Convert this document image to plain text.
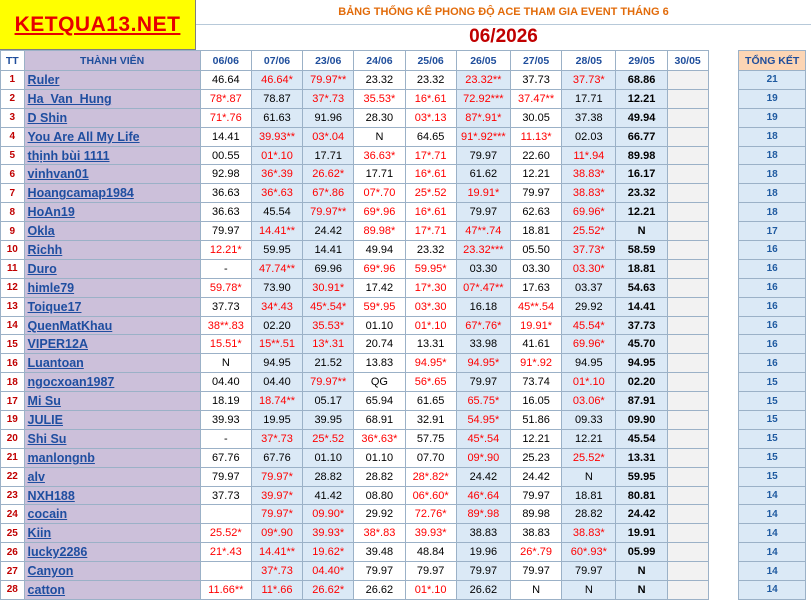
KETQUA13.NET
BẢNG THỐNG KÊ PHONG ĐỘ ACE THAM GIA EVENT THÁNG 6
06/2026
TT	THÀNH VIÊN	06/06	07/06	23/06	24/06	25/06	26/05	27/05	28/05	29/05	30/05		TỔNG KẾT
1	Ruler	46.64	46.64*	79.97**	23.32	23.32	23.32**	37.73	37.73*	68.86			21
2	Ha_Van_Hung	78*.87	78.87	37*.73	35.53*	16*.61	72.92***	37.47**	17.71	12.21			19
3	D Shin	71*.76	61.63	91.96	28.30	03*.13	87*.91*	30.05	37.38	49.94			19
4	You Are All My Life	14.41	39.93**	03*.04	N	64.65	91*.92***	11.13*	02.03	66.77			18
5	thịnh bùi 1111	00.55	01*.10	17.71	36.63*	17*.71	79.97	22.60	11*.94	89.98			18
6	vinhvan01	92.98	36*.39	26.62*	17.71	16*.61	61.62	12.21	38.83*	16.17			18
7	Hoangcamap1984	36.63	36*.63	67*.86	07*.70	25*.52	19.91*	79.97	38.83*	23.32			18
8	HoAn19	36.63	45.54	79.97**	69*.96	16*.61	79.97	62.63	69.96*	12.21			18
9	Okla	79.97	14.41**	24.42	89.98*	17*.71	47**.74	18.81	25.52*	N			17
10	Richh	12.21*	59.95	14.41	49.94	23.32	23.32***	05.50	37.73*	58.59			16
11	Duro	-	47.74**	69.96	69*.96	59.95*	03.30	03.30	03.30*	18.81			16
12	himle79	59.78*	73.90	30.91*	17.42	17*.30	07*.47**	17.63	03.37	54.63			16
13	Toique17	37.73	34*.43	45*.54*	59*.95	03*.30	16.18	45**.54	29.92	14.41			16
14	QuenMatKhau	38**.83	02.20	35.53*	01.10	01*.10	67*.76*	19.91*	45.54*	37.73			16
15	VIPER12A	15.51*	15**.51	13*.31	20.74	13.31	33.98	41.61	69.96*	45.70			16
16	Luantoan	N	94.95	21.52	13.83	94.95*	94.95*	91*.92	94.95	94.95			16
18	ngocxoan1987	04.40	04.40	79.97**	QG	56*.65	79.97	73.74	01*.10	02.20			15
17	Mi Su	18.19	18.74**	05.17	65.94	61.65	65.75*	16.05	03.06*	87.91			15
19	JULIE	39.93	19.95	39.95	68.91	32.91	54.95*	51.86	09.33	09.90			15
20	Shi Su	-	37*.73	25*.52	36*.63*	57.75	45*.54	12.21	12.21	45.54			15
21	manlongnb	67.76	67.76	01.10	01.10	07.70	09*.90	25.23	25.52*	13.31			15
22	alv	79.97	79.97*	28.82	28.82	28*.82*	24.42	24.42	N	59.95			15
23	NXH188	37.73	39.97*	41.42	08.80	06*.60*	46*.64	79.97	18.81	80.81			14
24	cocain		79.97*	09.90*	29.92	72.76*	89*.98	89.98	28.82	24.42			14
25	Kiin	25.52*	09*.90	39.93*	38*.83	39.93*	38.83	38.83	38.83*	19.91			14
26	lucky2286	21*.43	14.41**	19.62*	39.48	48.84	19.96	26*.79	60*.93*	05.99			14
27	Canyon		37*.73	04.40*	79.97	79.97	79.97	79.97	79.97	N			14
28	catton	11.66**	11*.66	26.62*	26.62	01*.10	26.62	N	N	N			14
